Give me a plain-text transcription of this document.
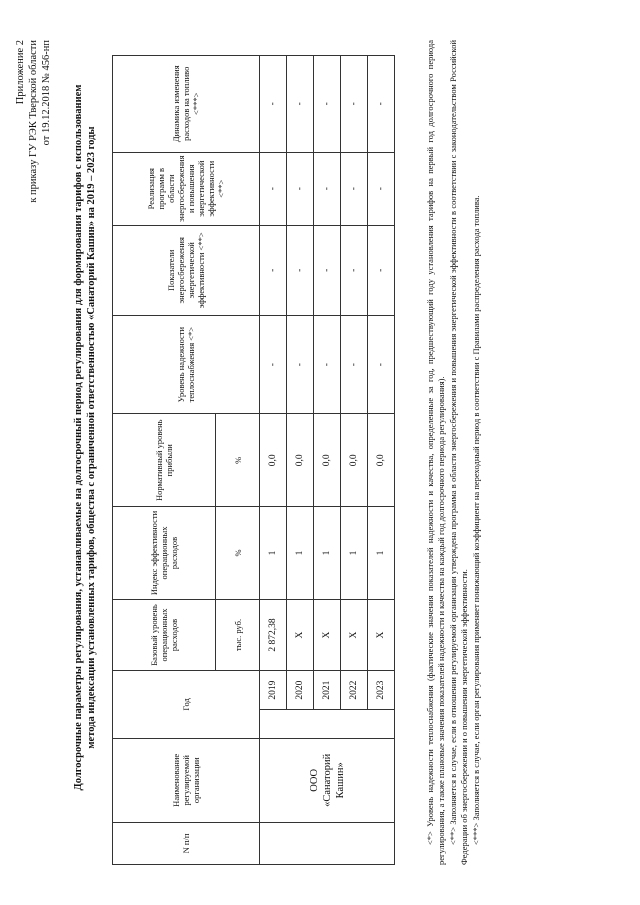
Приложение 2 к приказу ГУ РЭК Тверской области от 19.12.2018 № 456-нп Долгосрочные параметры регулирования, устанавливаемые на долгосрочный период регулирования для формирования тарифов с использованием метода индексации установленных тарифов, общества с ограниченной ответственностью «Санаторий Кашин» на 2019 – 2023 годы
N п/п	Наименование регулируемой организации	Год		Базовый уровень операционных расходов	Индекс эффективности операционных расходов	Нормативный уровень прибыли	Уровень надежности теплоснабжения <*>	Показатели энергосбережения энергетической эффективности <**>	Реализация программ в области энергосбережения и повышения энергетической эффективности <**>	Динамика изменения расходов на топливо <***>
				тыс. руб.	%	%				
	ООО «Санаторий Кашин»		2019	2 872,38	1	0,0	-	-	-	-
			2020	X	1	0,0	-	-	-	-
			2021	X	1	0,0	-	-	-	-
			2022	X	1	0,0	-	-	-	-
			2023	X	1	0,0	-	-	-	-	<*> Уровень надежности теплоснабжения (фактические значения показателей надежности и качества, определенные за год, предшествующий году установления тарифов на первый год долгосрочного периода регулирования, а также плановые значения показателей надежности и качества на каждый год долгосрочного периода регулирования). <**> Заполняется в случае, если в отношении регулируемой организации утверждена программа в области энергосбережения и повышения энергетической эффективности в соответствии с законодательством Российской Федерации об энергосбережении и о повышении энергетической эффективности. <***> Заполняется в случае, если орган регулирования применяет понижающий коэффициент на переходный период в соответствии с Правилами распределения расхода топлива.
